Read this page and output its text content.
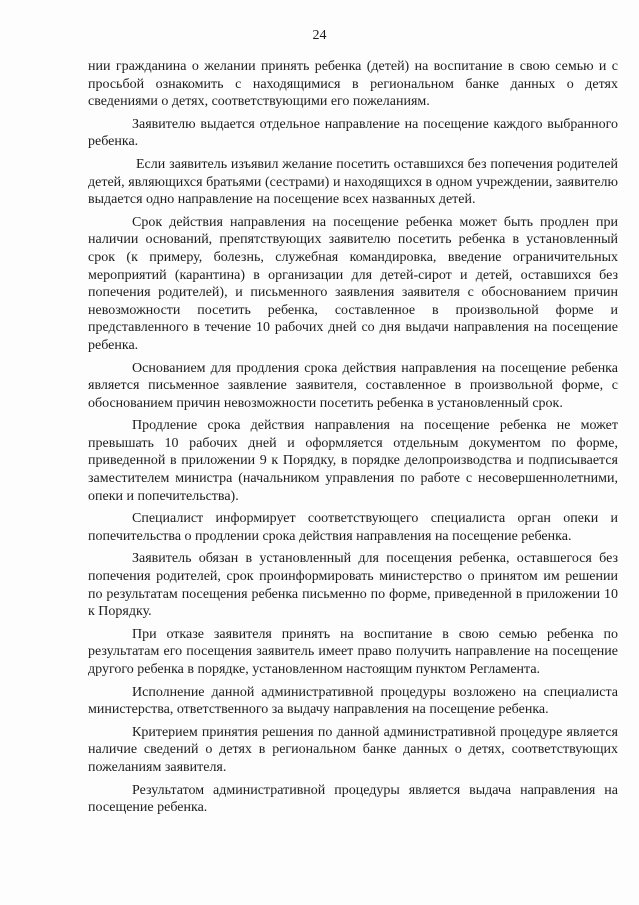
24

нии гражданина о желании принять ребенка (детей) на воспитание в свою семью и с просьбой ознакомить с находящимися в региональном банке данных о детях сведениями о детях, соответствующими его пожеланиям.

Заявителю выдается отдельное направление на посещение каждого выбранного ребенка.

Если заявитель изъявил желание посетить оставшихся без попечения родителей детей, являющихся братьями (сестрами) и находящихся в одном учреждении, заявителю выдается одно направление на посещение всех названных детей.

Срок действия направления на посещение ребенка может быть продлен при наличии оснований, препятствующих заявителю посетить ребенка в установленный срок (к примеру, болезнь, служебная командировка, введение ограничительных мероприятий (карантина) в организации для детей-сирот и детей, оставшихся без попечения родителей), и письменного заявления заявителя с обоснованием причин невозможности посетить ребенка, составленное в произвольной форме и представленного в течение 10 рабочих дней со дня выдачи направления на посещение ребенка.

Основанием для продления срока действия направления на посещение ребенка является письменное заявление заявителя, составленное в произвольной форме, с обоснованием причин невозможности посетить ребенка в установленный срок.

Продление срока действия направления на посещение ребенка не может превышать 10 рабочих дней и оформляется отдельным документом по форме, приведенной в приложении 9 к Порядку, в порядке делопроизводства и подписывается заместителем министра (начальником управления по работе с несовершеннолетними, опеки и попечительства).

Специалист информирует соответствующего специалиста орган опеки и попечительства о продлении срока действия направления на посещение ребенка.

Заявитель обязан в установленный для посещения ребенка, оставшегося без попечения родителей, срок проинформировать министерство о принятом им решении по результатам посещения ребенка письменно по форме, приведенной в приложении 10 к Порядку.

При отказе заявителя принять на воспитание в свою семью ребенка по результатам его посещения заявитель имеет право получить направление на посещение другого ребенка в порядке, установленном настоящим пунктом Регламента.

Исполнение данной административной процедуры возложено на специалиста министерства, ответственного за выдачу направления на посещение ребенка.

Критерием принятия решения по данной административной процедуре является наличие сведений о детях в региональном банке данных о детях, соответствующих пожеланиям заявителя.

Результатом административной процедуры является выдача направления на посещение ребенка.
